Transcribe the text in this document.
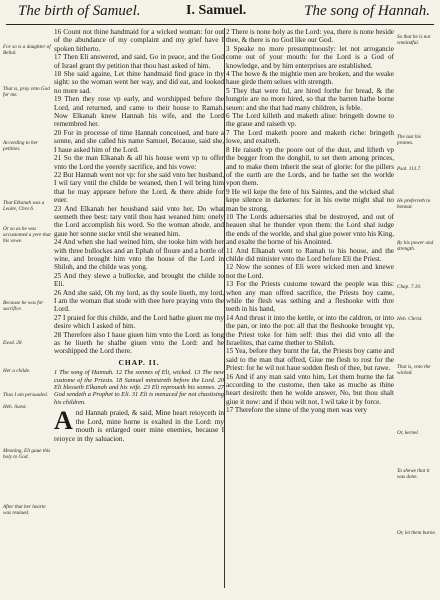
The birth of Samuel.	I. Samuel.	The song of Hannah.
For so is a daughter of Belial.
That is, pray vnto God for me.
According to her petition.
That Elkanah was a Leuite, Chro 6.
Or so as he was accustomed a yere that his vowe.
Because he was for sacrifice.
Exod. 28.
Her a childe.
Thus I am persuaded.
Heb. liuest.
Meaning, Eli gaue this holy to God.
After that her hearte was reuiued.

16 Count not thine handmaid for a wicked woman: for out of the abundance of my complaint and my grief have I spoken hitherto.

17 Then Eli answered, and said, Go in peace, and the God of Israel grant thy petition that thou hast asked of him.

18 She said againe, Let thine handmaid find grace in thy sight: so the woman went her way, and did eat, and looked no more sad.

19 Then they rose vp early, and worshipped before the Lord, and returned, and came to their house to Ramah. Now Elkanah knew Hannah his wife, and the Lord remembred her.

20 For in processe of time Hannah conceiued, and bare a sonne, and she called his name Samuel, Because, said she, I haue asked him of the Lord.

21 So the man Elkanah & all his house went vp to offer vnto the Lord the yeerely sacrifice, and his vowe:

22 But Hannah went not vp: for she said vnto her husband, I wil tary vntil the childe be weaned, then I wil bring him that he may appeare before the Lord, & there abide for euer.

23 And Elkanah her housband said vnto her, Do what seemeth thee best: tary vntil thou hast weaned him: onely the Lord accomplish his word. So the woman abode, and gaue her sonne sucke vntil she weaned him.

24 And when she had weined him, she tooke him with her with three bullockes and an Ephah of floure and a bottle of wine, and brought him vnto the house of the Lord in Shiloh, and the childe was yong.

25 And they slewe a bullocke, and brought the childe to Eli.

26 And she said, Oh my lord, as thy soule liueth, my lord, I am the woman that stode with thee here praying vnto the Lord.

27 I praied for this childe, and the Lord hathe giuen me my desire which I asked of him.

28 Therefore also I haue giuen him vnto the Lord: as long as he liueth he shalbe giuen vnto the Lord: and he worshipped the Lord there.

CHAP. II.
1 The song of Hannah. 12 The sonnes of Eli, wicked. 13 The new custome of the Priests. 18 Samuel ministreth before the Lord. 20 Eli blesseth Elkanah and his wife. 23 Eli reproueth his sonnes. 27 God sendeth a Prophet to Eli. 31 Eli is menaced for not chastising his children.

And Hannah praied, & said, Mine heart reioyceth in the Lord, mine horne is exalted in the Lord: my mouth is enlarged ouer mine enemies, because I reioyce in thy saluacion.

2 There is none holy as the Lord: yea, there is none beside thee, & there is no God like our God.

3 Speake no more presumptuously: let not arrogancie come out of your mouth: for the Lord is a God of knowledge, and by him enterprises are established.

4 The bowe & the mightie men are broken, and the weake haue girde them selues with strength.

5 They that were ful, are hired forthe for bread, & the hungrie are no more hired, so that the barren hathe borne seuen: and she that had many children, is feble.

6 The Lord killeth and maketh aliue: bringeth downe to the graue and raiseth vp.

7 The Lord maketh poore and maketh riche: bringeth lowe, and exalteth.

8 He raiseth vp the poore out of the dust, and lifteth vp the begger from the donghil, to set them among princes, and to make them inherit the seat of glorie: for the pillers of the earth are the Lords, and he hathe set the worlde vpon them.

9 He wil kepe the fete of his Saintes, and the wicked shal kepe silence in darkenes: for in his owne might shal no man be strong.

10 The Lords aduersaries shal be destroyed, and out of heauen shal he thunder vpon them: the Lord shal iudge the ends of the worlde, and shal giue power vnto his King, and exalte the horne of his Anointed.

11 And Elkanah went to Ramah to his house, and the childe did minister vnto the Lord before Eli the Priest.

12 Now the sonnes of Eli were wicked men and knewe not the Lord.

13 For the Priests custome toward the people was this: when any man offred sacrifice, the Priests boy came, while the flesh was sething and a fleshooke with thre teeth in his hand,

14 And thrust it into the kettle, or into the caldron, or into the pan, or into the pot: all that the fleshooke brought vp, the Priest toke for him self: thus thei did vnto all the Israelites, that came thether to Shiloh.

15 Yea, before they burnt the fat, the Priests boy came and said to the man that offred, Giue me flesh to rost for the Priest: for he wil not haue sodden flesh of thee, but rawe.

16 And if any man said vnto him, Let them burne the fat according to the custome, then take as muche as thine heart desireth: then he wolde answer, No, but thou shalt giue it now: and if thou wilt not, I wil take it by force.

17 Therefore the sinne of the yong men was very

So that he is not vnmindful.
The iust his promes.
Psal. 113.7.
He preferreth to honour.
By his power and strength.
Chap. 7.10.
Heb. Christ.
That is, vnto the wicked.
Or, kernel.
To shewe that it was done.
Or, let them burne.
